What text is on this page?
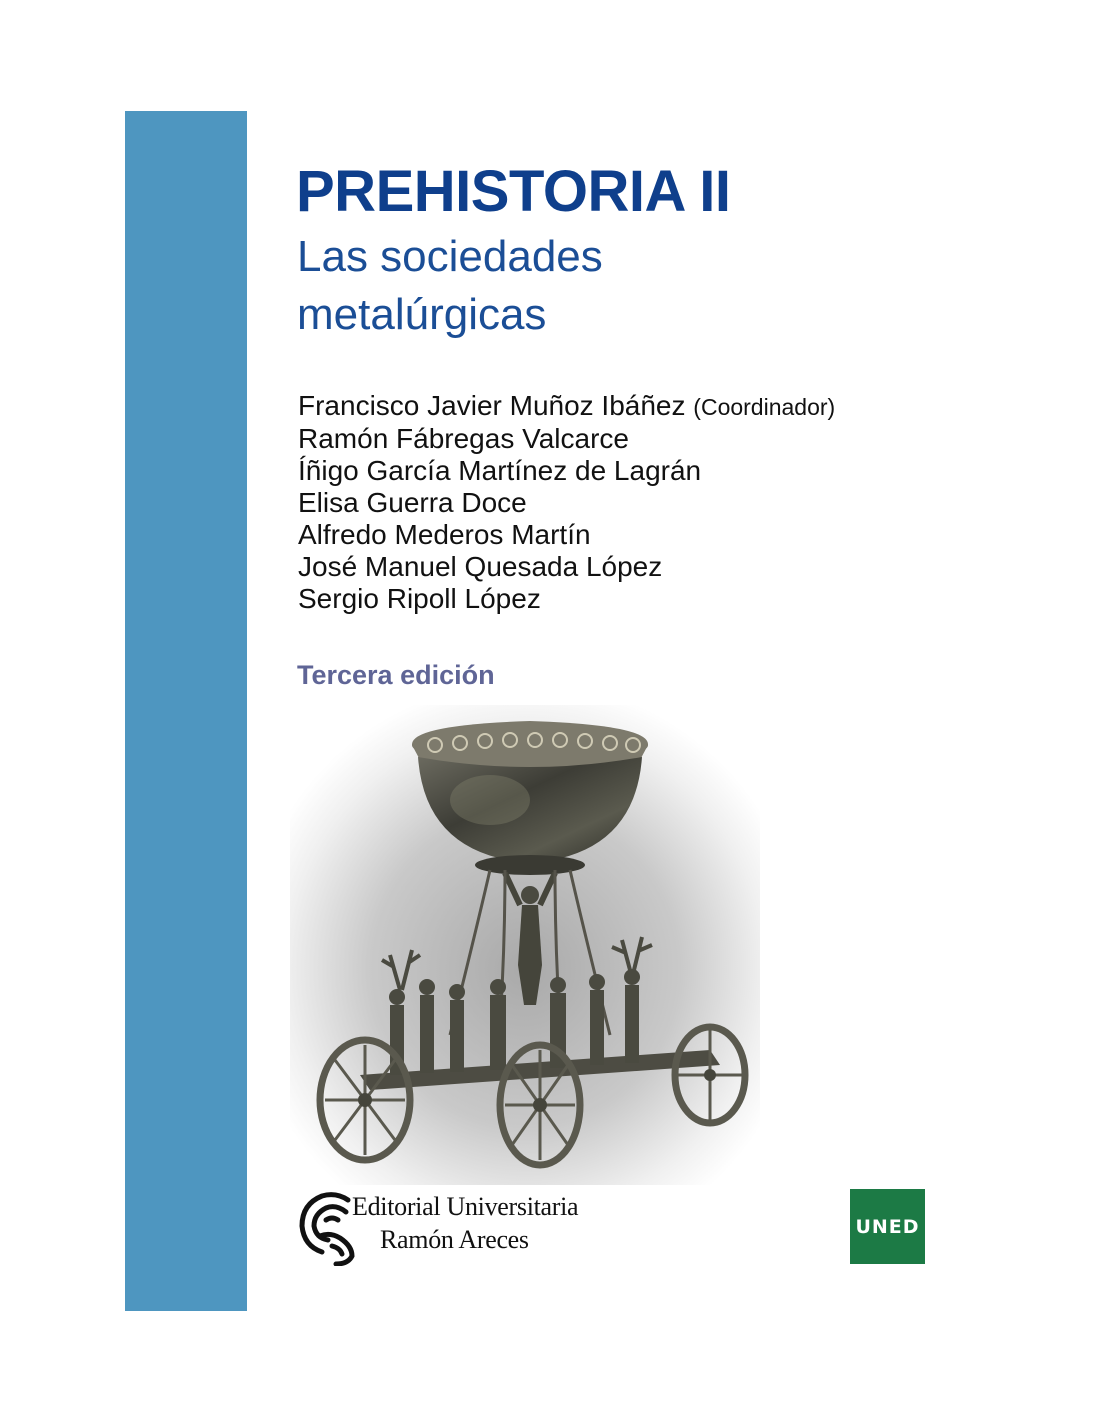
PREHISTORIA II
Las sociedades
metalúrgicas
Francisco Javier Muñoz Ibáñez (Coordinador)
Ramón Fábregas Valcarce
Íñigo García Martínez de Lagrán
Elisa Guerra Doce
Alfredo Mederos Martín
José Manuel Quesada López
Sergio Ripoll López
Tercera edición
Editorial Universitaria
Ramón Areces	UNED
